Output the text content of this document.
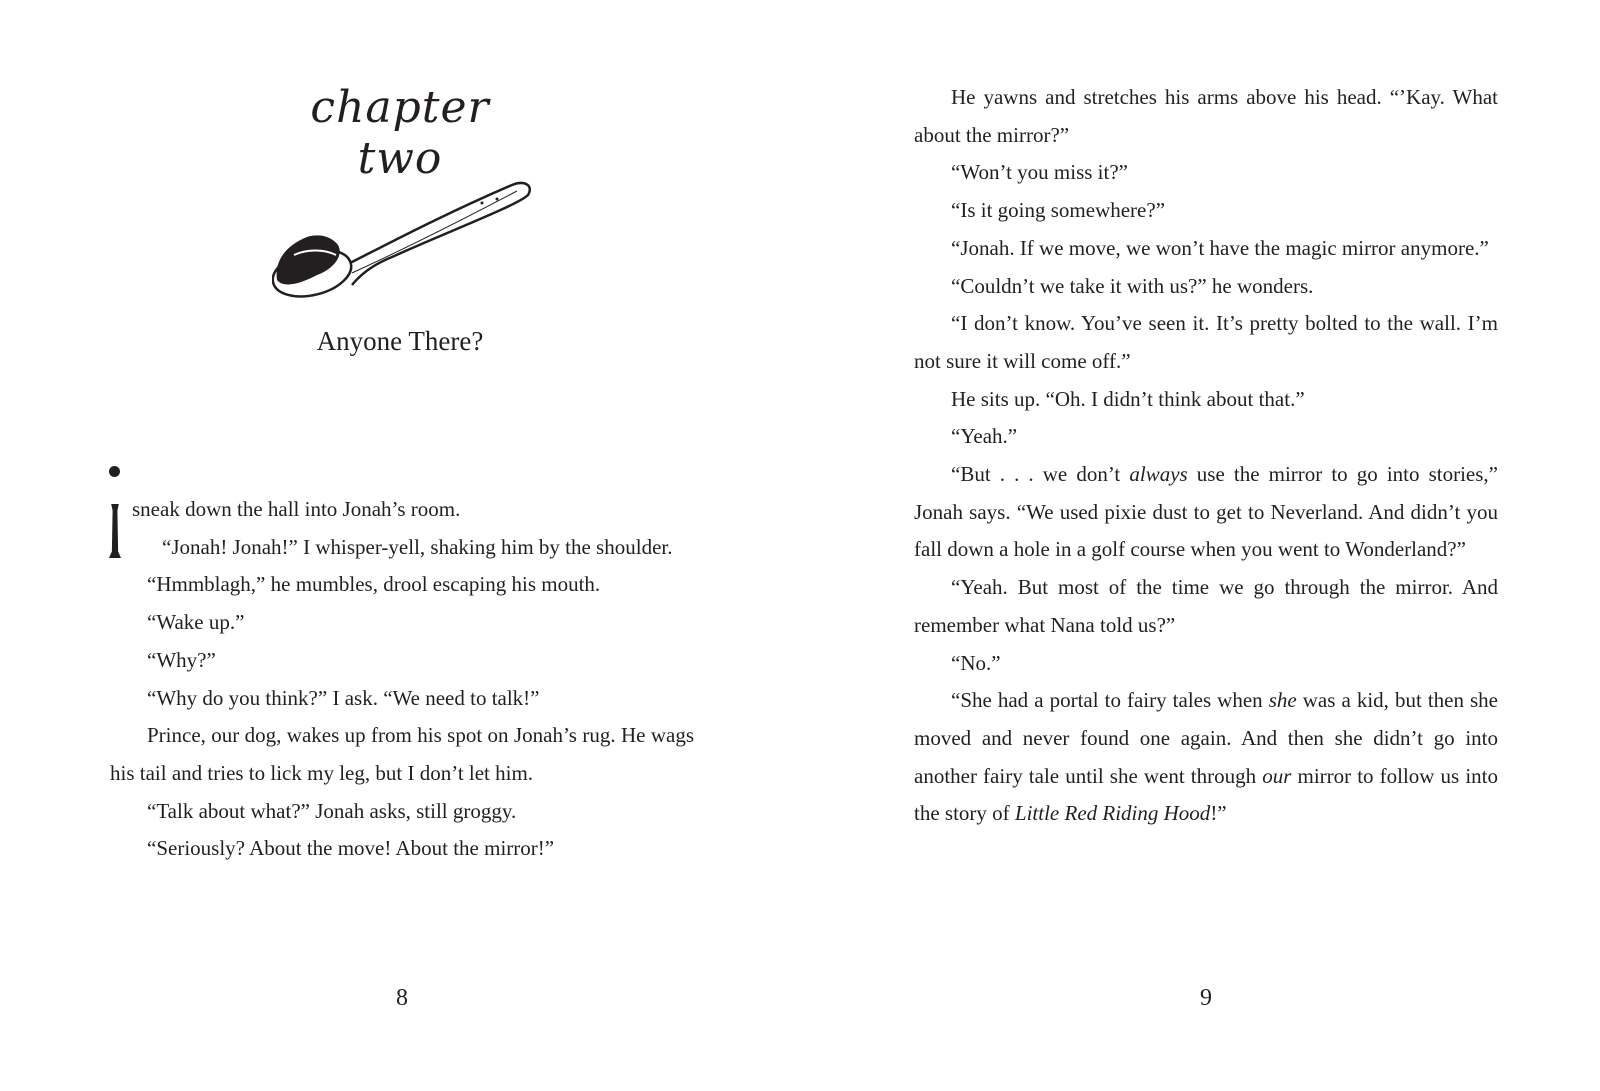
chapter two
Anyone There?

sneak down the hall into Jonah’s room.

“Jonah! Jonah!” I whisper-yell, shaking him by the shoulder.

“Hmmblagh,” he mumbles, drool escaping his mouth.

“Wake up.”

“Why?”

“Why do you think?” I ask. “We need to talk!”

Prince, our dog, wakes up from his spot on Jonah’s rug. He wags his tail and tries to lick my leg, but I don’t let him.

“Talk about what?” Jonah asks, still groggy.

“Seriously? About the move! About the mirror!”

8

He yawns and stretches his arms above his head. “’Kay. What about the mirror?”

“Won’t you miss it?”

“Is it going somewhere?”

“Jonah. If we move, we won’t have the magic mirror anymore.”

“Couldn’t we take it with us?” he wonders.

“I don’t know. You’ve seen it. It’s pretty bolted to the wall. I’m not sure it will come off.”

He sits up. “Oh. I didn’t think about that.”

“Yeah.”

“But . . . we don’t always use the mirror to go into stories,” Jonah says. “We used pixie dust to get to Neverland. And didn’t you fall down a hole in a golf course when you went to Wonderland?”

“Yeah. But most of the time we go through the mirror. And remember what Nana told us?”

“No.”

“She had a portal to fairy tales when she was a kid, but then she moved and never found one again. And then she didn’t go into another fairy tale until she went through our mirror to follow us into the story of Little Red Riding Hood!”

9
